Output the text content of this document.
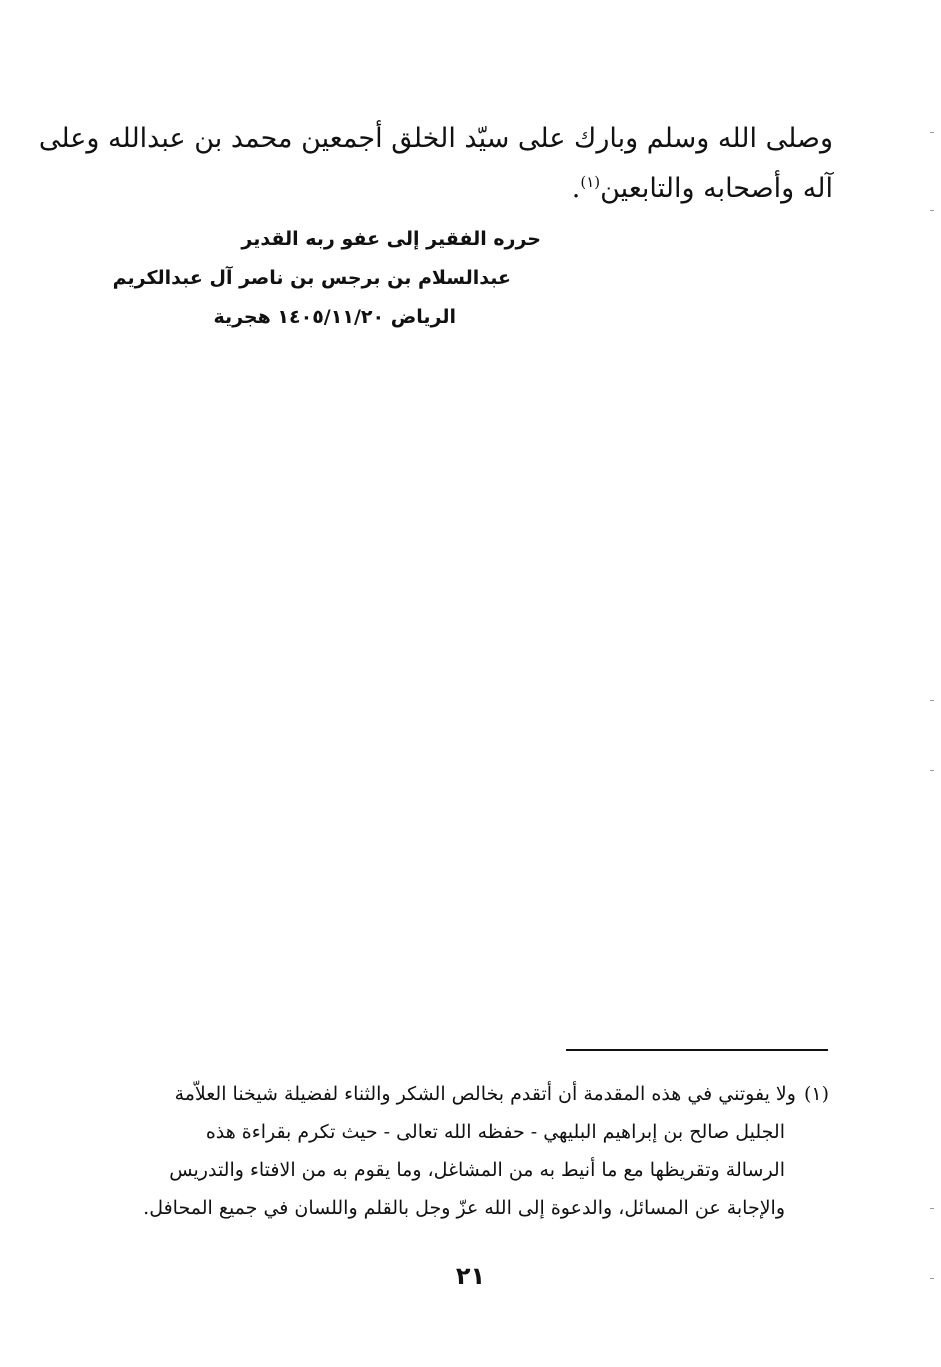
وصلى الله وسلم وبارك على سيّد الخلق أجمعين محمد بن عبدالله وعلى
آله وأصحابه والتابعين$^{(١)}$.
حرره الفقير إلى عفو ربه القدير
عبدالسلام بن برجس بن ناصر آل عبدالكريم
الرياض ١٤٠٥/١١/٢٠ هجرية
(١)ولا يفوتني في هذه المقدمة أن أتقدم بخالص الشكر والثناء لفضيلة شيخنا العلاّمة
الجليل صالح بن إبراهيم البليهي - حفظه الله تعالى - حيث تكرم بقراءة هذه
الرسالة وتقريظها مع ما أنيط به من المشاغل، وما يقوم به من الافتاء والتدريس
والإجابة عن المسائل، والدعوة إلى الله عزّ وجل بالقلم واللسان في جميع المحافل.
٢١
